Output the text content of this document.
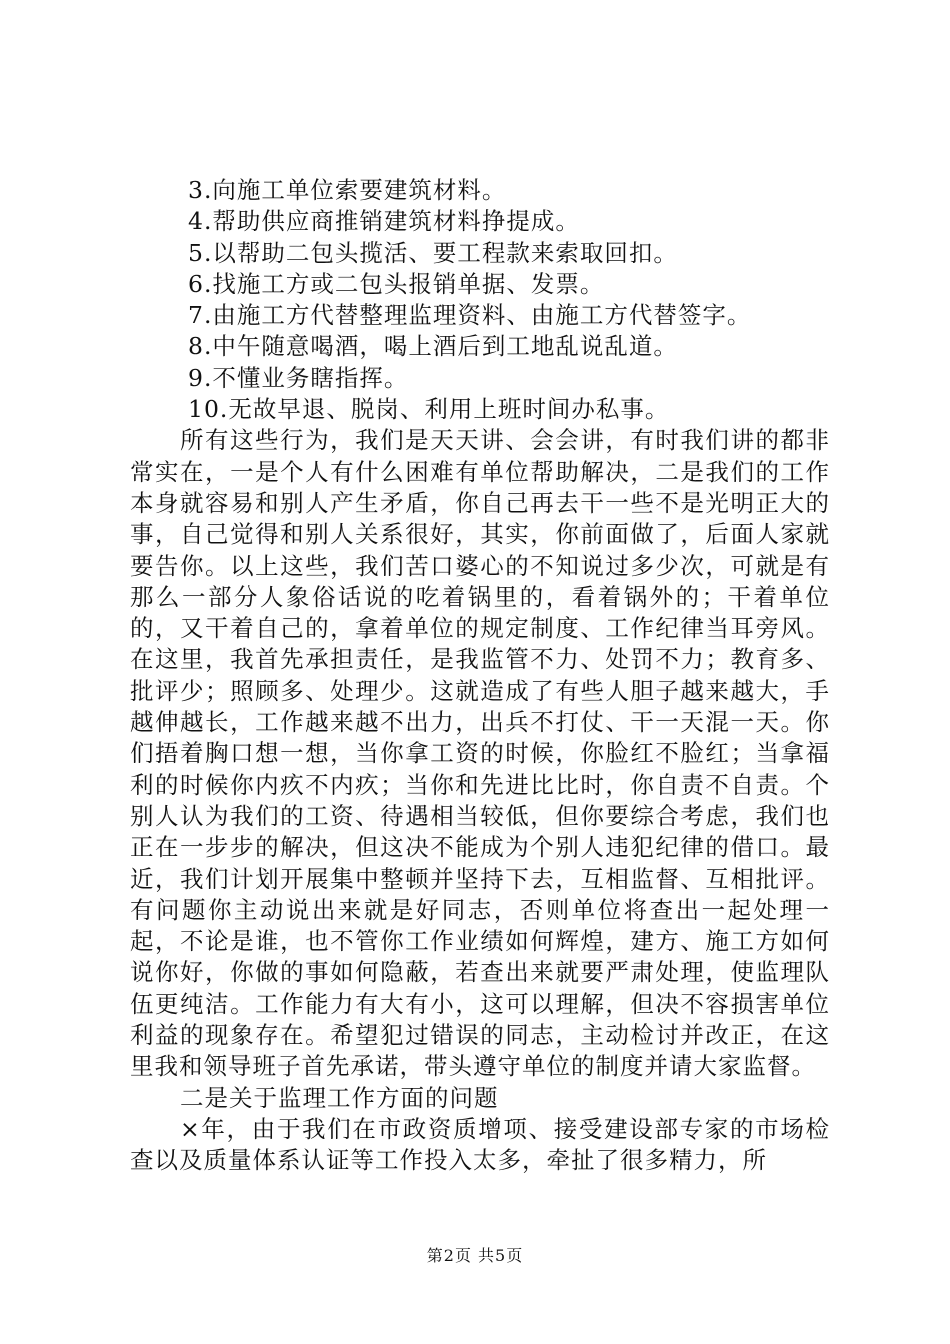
3.向施工单位索要建筑材料。
4.帮助供应商推销建筑材料挣提成。
5.以帮助二包头揽活、要工程款来索取回扣。
6.找施工方或二包头报销单据、发票。
7.由施工方代替整理监理资料、由施工方代替签字。
8.中午随意喝酒，喝上酒后到工地乱说乱道。
9.不懂业务瞎指挥。
10.无故早退、脱岗、利用上班时间办私事。

所有这些行为，我们是天天讲、会会讲，有时我们讲的都非常实在，一是个人有什么困难有单位帮助解决，二是我们的工作本身就容易和别人产生矛盾，你自己再去干一些不是光明正大的事，自己觉得和别人关系很好，其实，你前面做了，后面人家就要告你。以上这些，我们苦口婆心的不知说过多少次，可就是有那么一部分人象俗话说的吃着锅里的，看着锅外的；干着单位的，又干着自己的，拿着单位的规定制度、工作纪律当耳旁风。在这里，我首先承担责任，是我监管不力、处罚不力；教育多、批评少；照顾多、处理少。这就造成了有些人胆子越来越大，手越伸越长，工作越来越不出力，出兵不打仗、干一天混一天。你们捂着胸口想一想，当你拿工资的时候，你脸红不脸红；当拿福利的时候你内疚不内疚；当你和先进比比时，你自责不自责。个别人认为我们的工资、待遇相当较低，但你要综合考虑，我们也正在一步步的解决，但这决不能成为个别人违犯纪律的借口。最近，我们计划开展集中整顿并坚持下去，互相监督、互相批评。有问题你主动说出来就是好同志，否则单位将查出一起处理一起，不论是谁，也不管你工作业绩如何辉煌，建方、施工方如何说你好，你做的事如何隐蔽，若查出来就要严肃处理，使监理队伍更纯洁。工作能力有大有小，这可以理解，但决不容损害单位利益的现象存在。希望犯过错误的同志，主动检讨并改正，在这里我和领导班子首先承诺，带头遵守单位的制度并请大家监督。

二是关于监理工作方面的问题

×年，由于我们在市政资质增项、接受建设部专家的市场检查以及质量体系认证等工作投入太多，牵扯了很多精力，所

第2页 共5页
